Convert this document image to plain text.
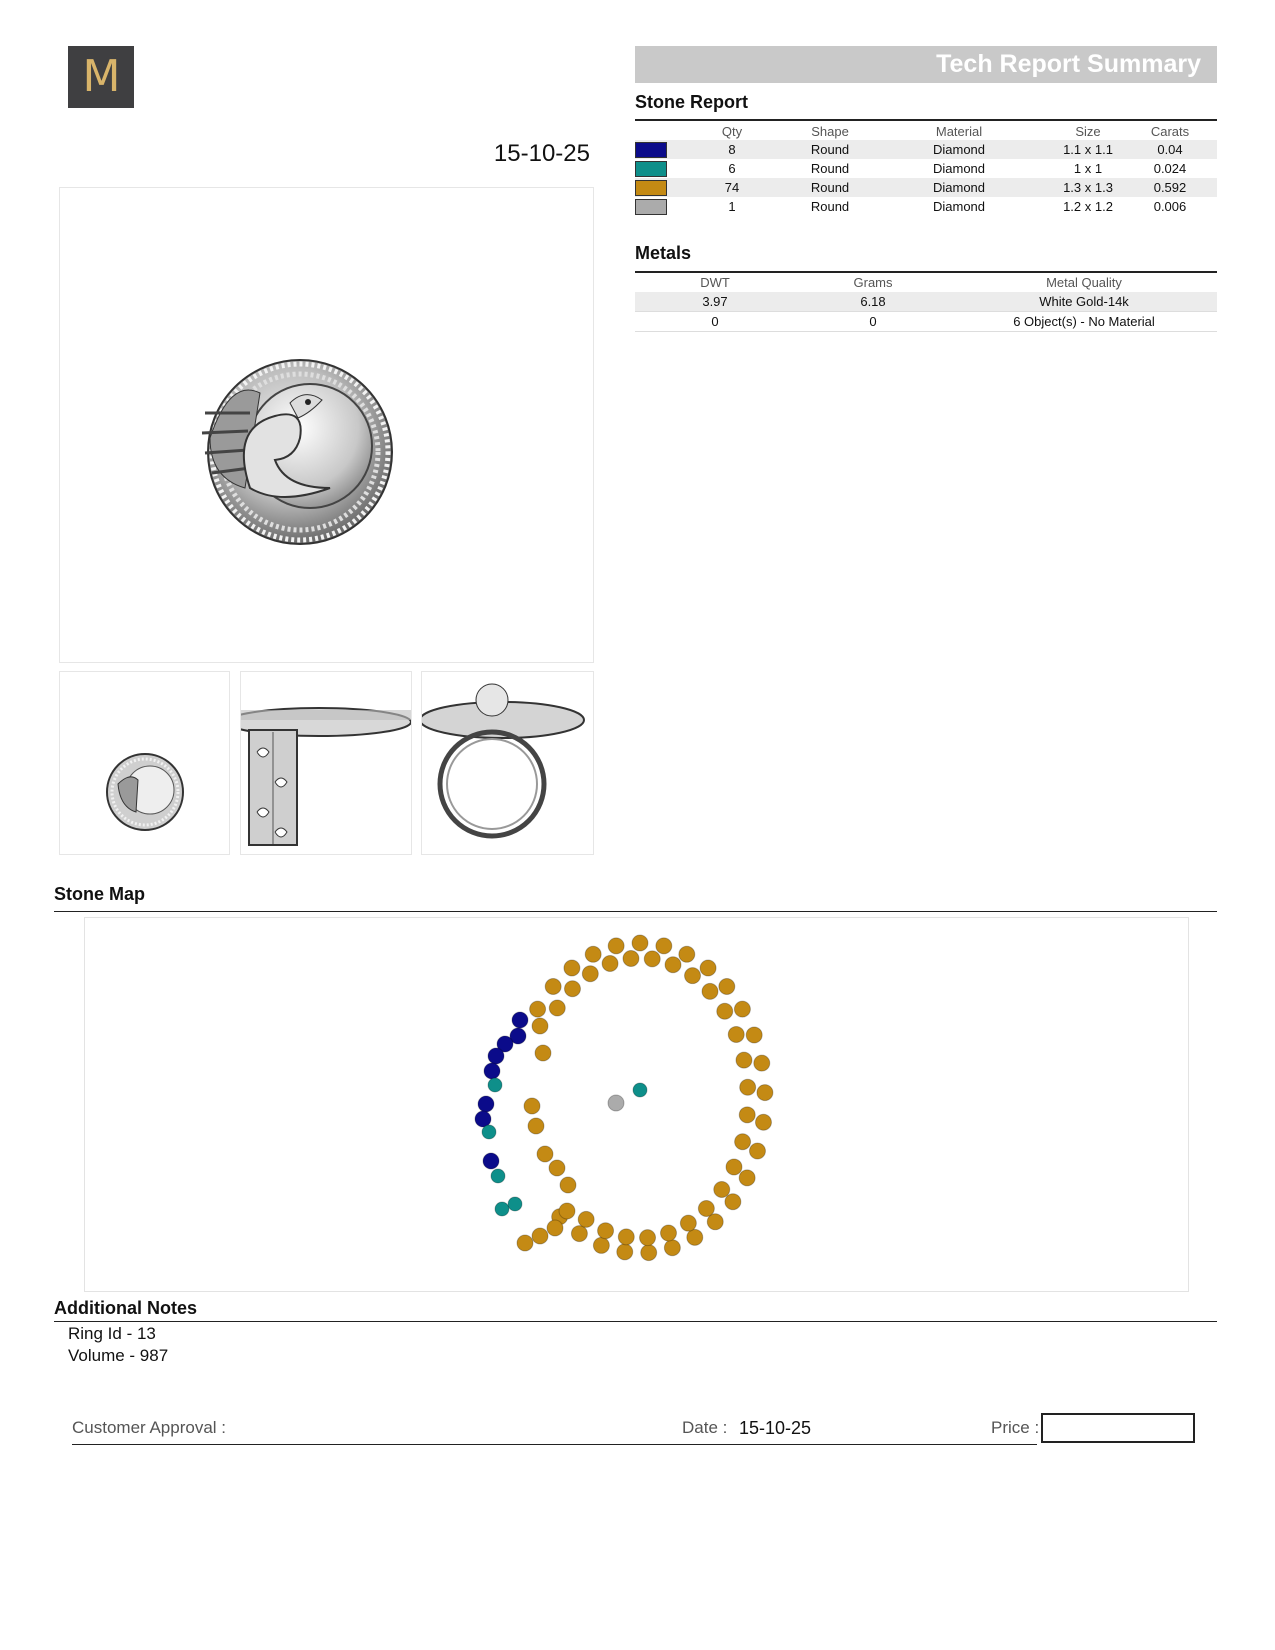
M
15-10-25
Tech Report Summary
Stone Report
	Qty	Shape	Material	Size	Carats
	8	Round	Diamond	1.1 x 1.1	0.04
	6	Round	Diamond	1 x 1	0.024
	74	Round	Diamond	1.3 x 1.3	0.592
	1	Round	Diamond	1.2 x 1.2	0.006
Metals
DWT	Grams	Metal Quality
3.97	6.18	White Gold-14k
0	0	6 Object(s) - No Material
Stone Map
Additional Notes
Ring Id - 13
Volume - 987
Customer Approval :	Date : 15-10-25	Price :
